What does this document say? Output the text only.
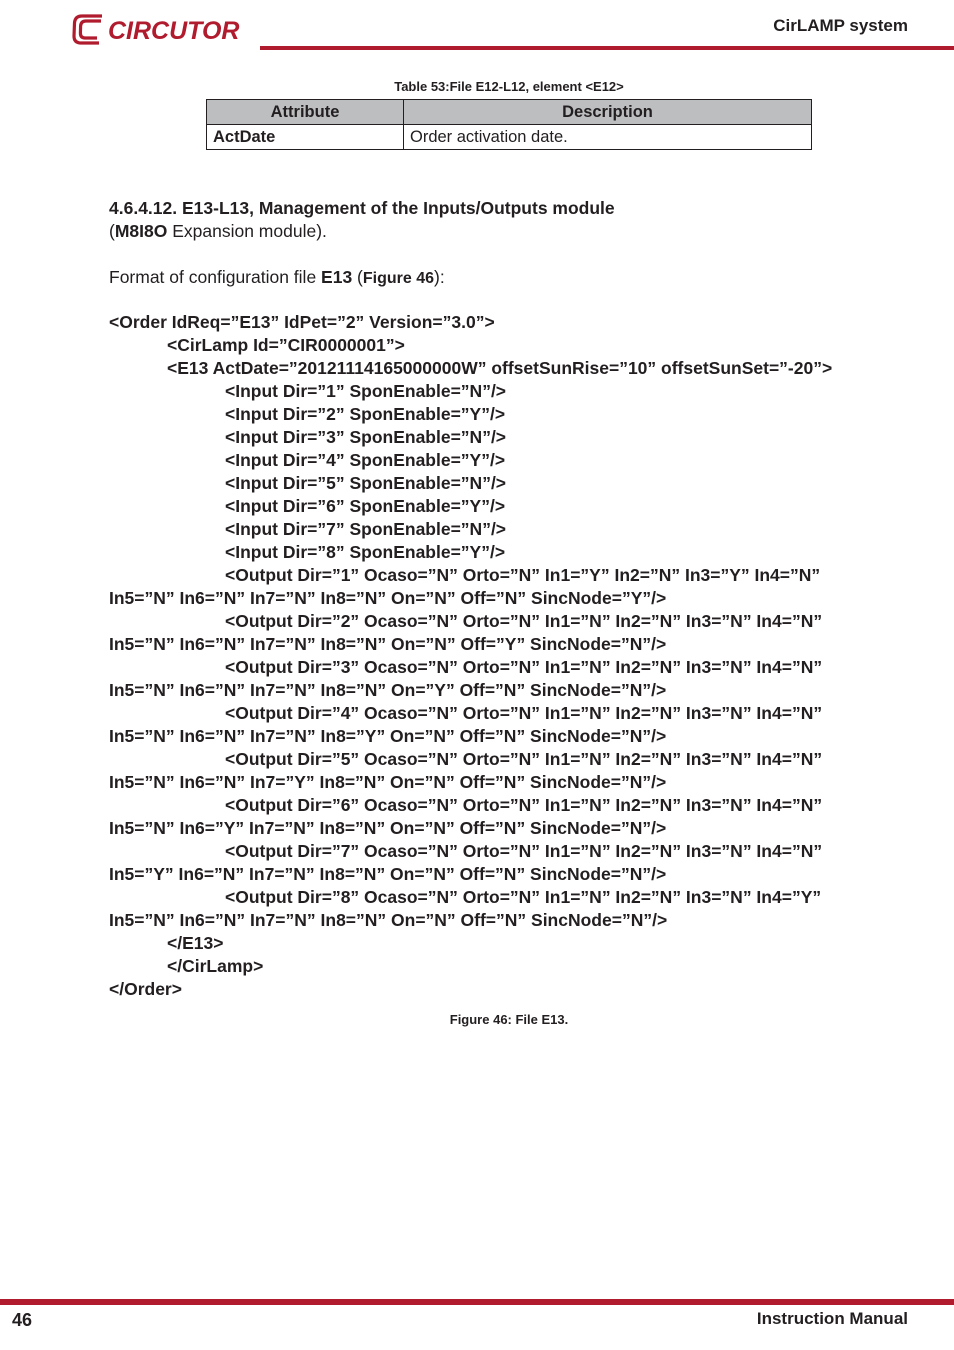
CIRCUTOR	CirLAMP system
Table 53:File E12-L12, element <E12>
Attribute	Description
ActDate	Order activation date.
4.6.4.12. E13-L13, Management of the Inputs/Outputs module
(M8I8O Expansion module).
Format of configuration file E13 (Figure 46):
<Order IdReq=”E13” IdPet=”2” Version=”3.0”>
<CirLamp Id=”CIR0000001”>
<E13 ActDate=”20121114165000000W” offsetSunRise=”10” offsetSunSet=”-20”>
<Input Dir=”1” SponEnable=”N”/>
<Input Dir=”2” SponEnable=”Y”/>
<Input Dir=”3” SponEnable=”N”/>
<Input Dir=”4” SponEnable=”Y”/>
<Input Dir=”5” SponEnable=”N”/>
<Input Dir=”6” SponEnable=”Y”/>
<Input Dir=”7” SponEnable=”N”/>
<Input Dir=”8” SponEnable=”Y”/>
<Output Dir=”1” Ocaso=”N” Orto=”N” In1=”Y” In2=”N” In3=”Y” In4=”N”
In5=”N” In6=”N” In7=”N” In8=”N” On=”N” Off=”N” SincNode=”Y”/>
<Output Dir=”2” Ocaso=”N” Orto=”N” In1=”N” In2=”N” In3=”N” In4=”N”
In5=”N” In6=”N” In7=”N” In8=”N” On=”N” Off=”Y” SincNode=”N”/>
<Output Dir=”3” Ocaso=”N” Orto=”N” In1=”N” In2=”N” In3=”N” In4=”N”
In5=”N” In6=”N” In7=”N” In8=”N” On=”Y” Off=”N” SincNode=”N”/>
<Output Dir=”4” Ocaso=”N” Orto=”N” In1=”N” In2=”N” In3=”N” In4=”N”
In5=”N” In6=”N” In7=”N” In8=”Y” On=”N” Off=”N” SincNode=”N”/>
<Output Dir=”5” Ocaso=”N” Orto=”N” In1=”N” In2=”N” In3=”N” In4=”N”
In5=”N” In6=”N” In7=”Y” In8=”N” On=”N” Off=”N” SincNode=”N”/>
<Output Dir=”6” Ocaso=”N” Orto=”N” In1=”N” In2=”N” In3=”N” In4=”N”
In5=”N” In6=”Y” In7=”N” In8=”N” On=”N” Off=”N” SincNode=”N”/>
<Output Dir=”7” Ocaso=”N” Orto=”N” In1=”N” In2=”N” In3=”N” In4=”N”
In5=”Y” In6=”N” In7=”N” In8=”N” On=”N” Off=”N” SincNode=”N”/>
<Output Dir=”8” Ocaso=”N” Orto=”N” In1=”N” In2=”N” In3=”N” In4=”Y”
In5=”N” In6=”N” In7=”N” In8=”N” On=”N” Off=”N” SincNode=”N”/>
</E13>
</CirLamp>
</Order>
Figure 46: File E13.
46	Instruction Manual
